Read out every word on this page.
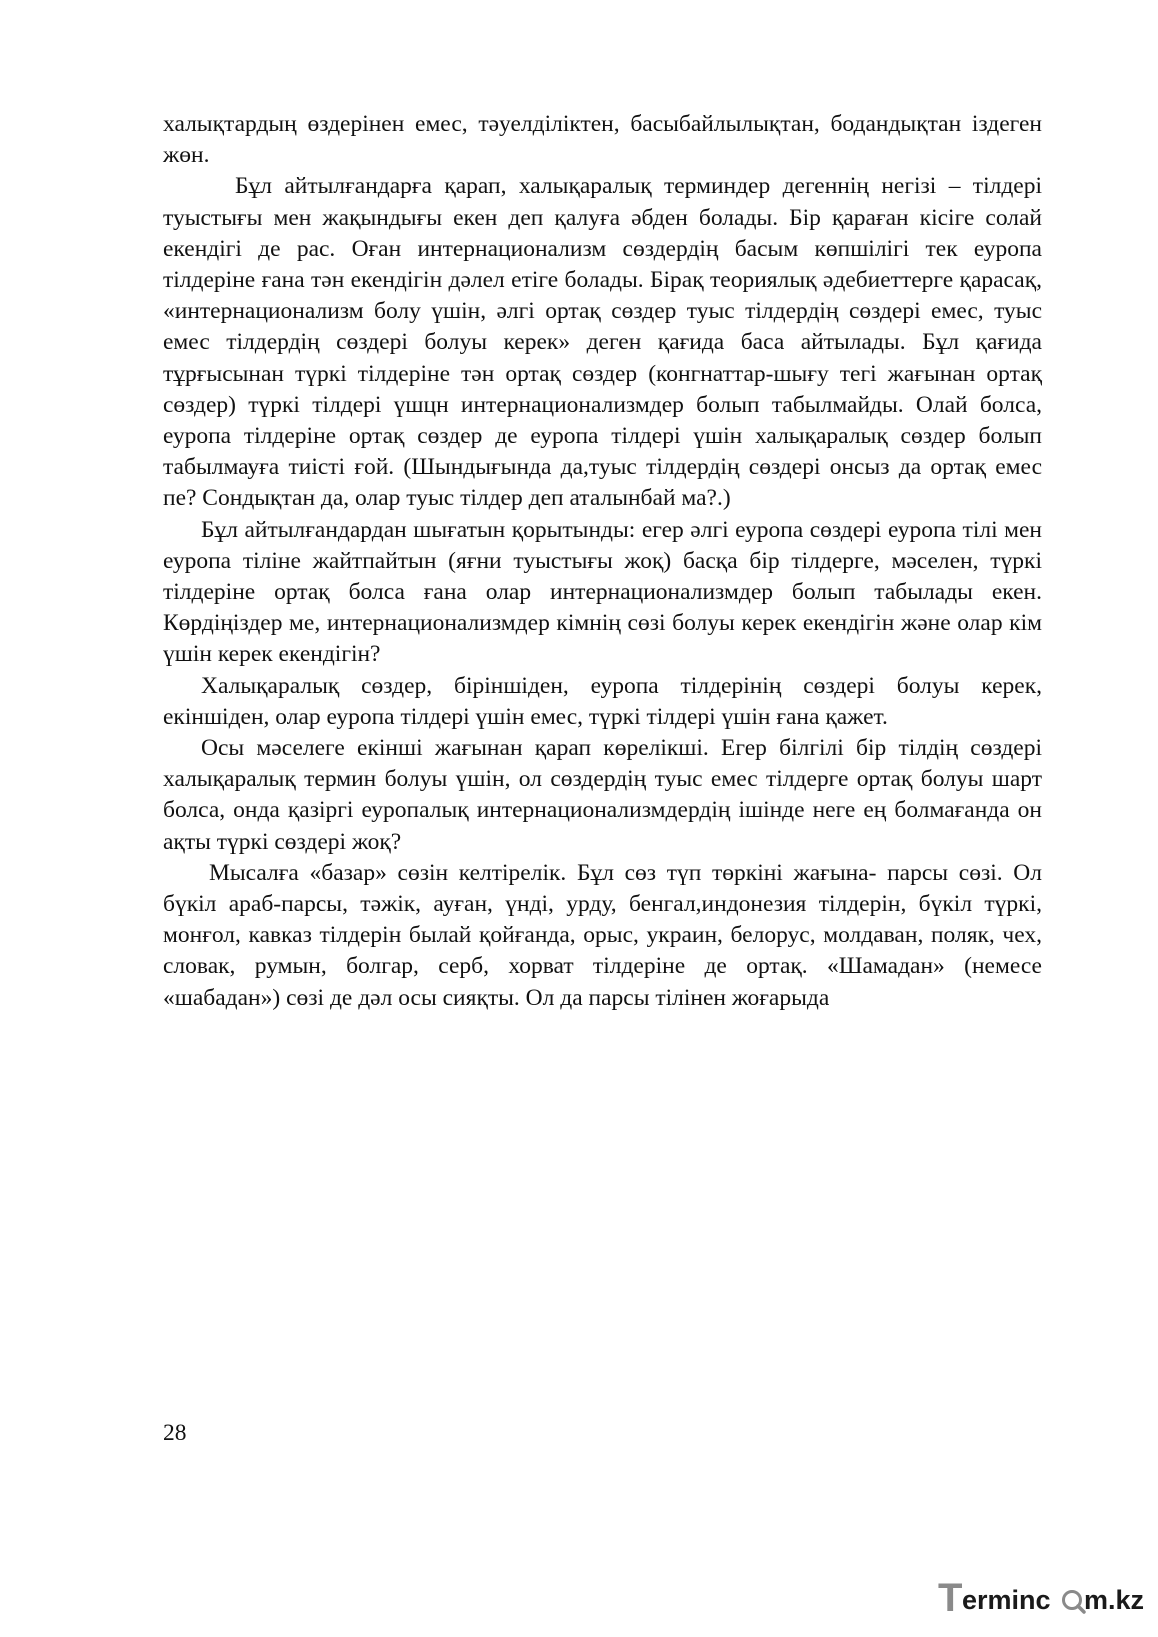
халықтардың өздерінен емес, тәуелділіктен, басыбайлылықтан, бодандықтан іздеген жөн.

Бұл айтылғандарға қарап, халықаралық терминдер дегеннің негізі – тілдері туыстығы мен жақындығы екен деп қалуға әбден болады. Бір қараған кісіге солай екендігі де рас. Оған интернационализм сөздердің басым көпшілігі тек еуропа тілдеріне ғана тән екендігін дәлел етіге болады. Бірақ теориялық әдебиеттерге қарасақ, «интернационализм болу үшін, әлгі ортақ сөздер туыс тілдердің сөздері емес, туыс емес тілдердің сөздері болуы керек» деген қағида баса айтылады. Бұл қағида тұрғысынан түркі тілдеріне тән ортақ сөздер (конгнаттар-шығу тегі жағынан ортақ сөздер) түркі тілдері үшцн интернационализмдер болып табылмайды. Олай болса, еуропа тілдеріне ортақ сөздер де еуропа тілдері үшін халықаралық сөздер болып табылмауға тиісті ғой. (Шындығында да,туыс тілдердің сөздері онсыз да ортақ емес пе? Сондықтан да, олар туыс тілдер деп аталынбай ма?.)

Бұл айтылғандардан шығатын қорытынды: егер әлгі еуропа сөздері еуропа тілі мен еуропа тіліне жайтпайтын (яғни туыстығы жоқ) басқа бір тілдерге, мәселен, түркі тілдеріне ортақ болса ғана олар интернационализмдер болып табылады екен. Көрдіңіздер ме, интернационализмдер кімнің сөзі болуы керек екендігін және олар кім үшін керек екендігін?

Халықаралық сөздер, біріншіден, еуропа тілдерінің сөздері болуы керек, екіншіден, олар еуропа тілдері үшін емес, түркі тілдері үшін ғана қажет.

Осы мәселеге екінші жағынан қарап көрелікші. Егер білгілі бір тілдің сөздері халықаралық термин болуы үшін, ол сөздердің туыс емес тілдерге ортақ болуы шарт болса, онда қазіргі еуропалық интернационализмдердің ішінде неге ең болмағанда он ақты түркі сөздері жоқ?

Мысалға «базар» сөзін келтірелік. Бұл сөз түп төркіні жағына- парсы сөзі. Ол бүкіл араб-парсы, тәжік, ауған, үнді, урду, бенгал,индонезия тілдерін, бүкіл түркі, монғол, кавказ тілдерін былай қойғанда, орыс, украин, белорус, молдаван, поляк, чех, словак, румын, болгар, серб, хорват тілдеріне де ортақ. «Шамадан» (немесе «шабадан») сөзі де дәл осы сияқты. Ол да парсы тілінен жоғарыда

28
T erminc m.kz
